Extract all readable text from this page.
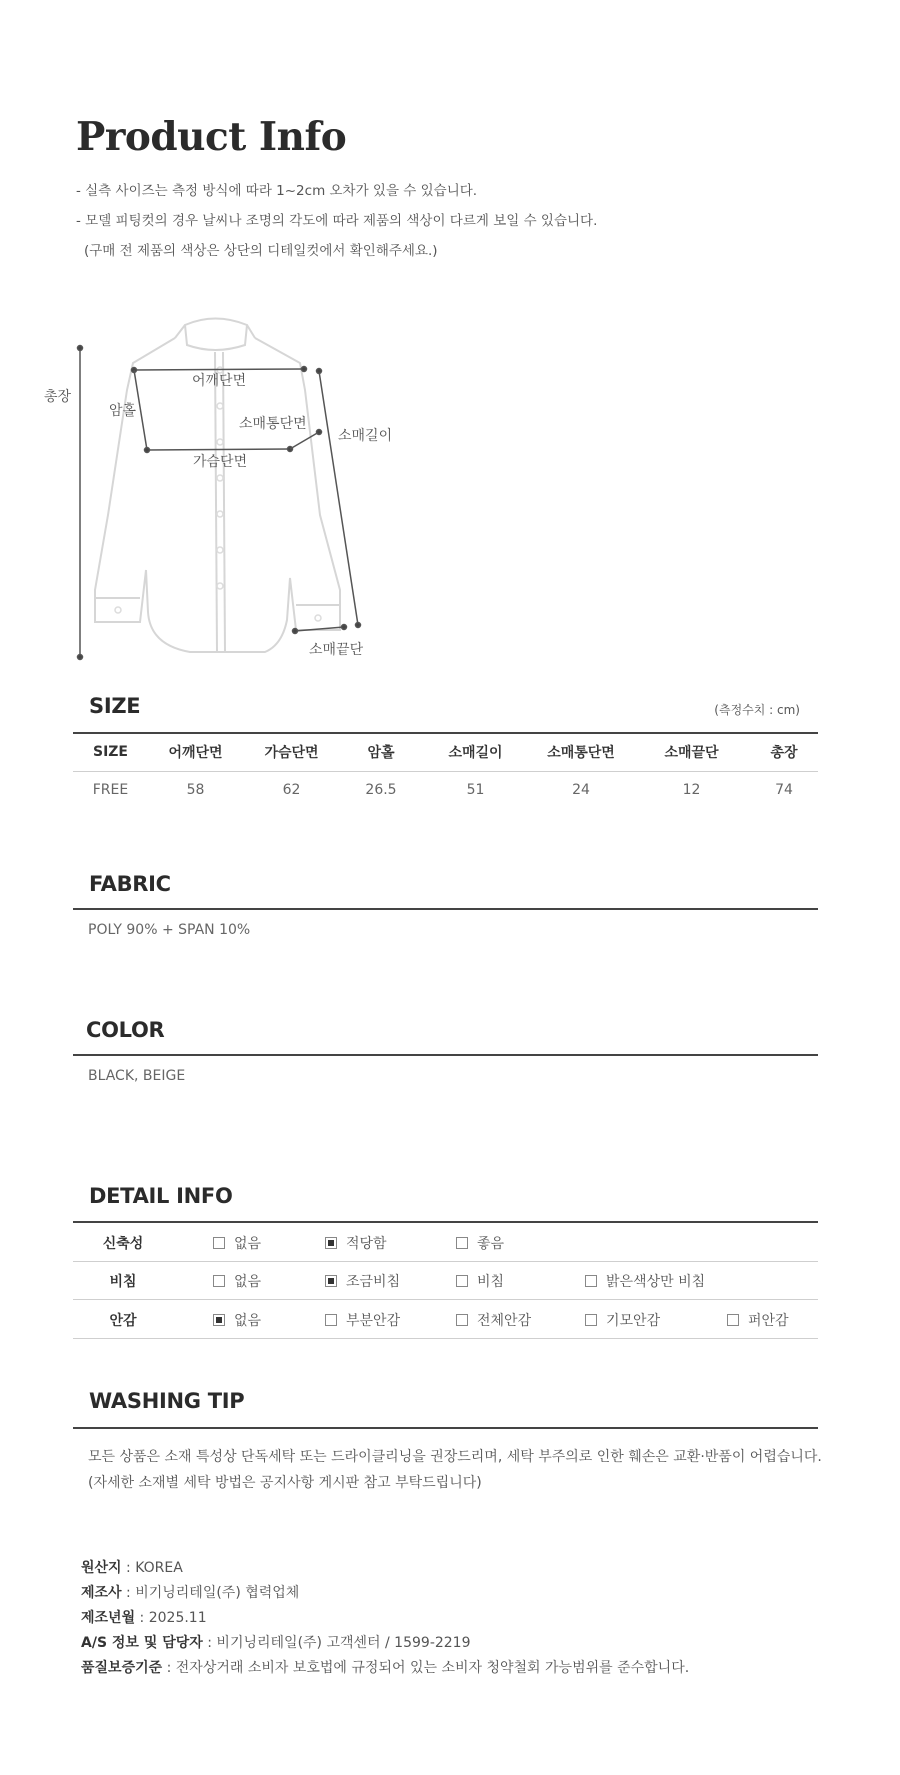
Product Info
- 실측 사이즈는 측정 방식에 따라 1~2cm 오차가 있을 수 있습니다.
- 모델 피팅컷의 경우 날씨나 조명의 각도에 따라 제품의 색상이 다르게 보일 수 있습니다.
(구매 전 제품의 색상은 상단의 디테일컷에서 확인해주세요.)
총장
암홀
어깨단면
소매통단면
소매길이
가슴단면
소매끝단
SIZE	(측정수치 : cm)
SIZE	어깨단면	가슴단면	암홀	소매길이	소매통단면	소매끝단	총장
FREE	58	62	26.5	51	24	12	74
FABRIC
POLY 90% + SPAN 10%
COLOR
BLACK, BEIGE
DETAIL INFO
신축성	없음	적당함	좋음
비침	없음	조금비침	비침	밝은색상만 비침
안감	없음	부분안감	전체안감	기모안감	퍼안감
WASHING TIP
모든 상품은 소재 특성상 단독세탁 또는 드라이클리닝을 권장드리며, 세탁 부주의로 인한 훼손은 교환·반품이 어렵습니다.
(자세한 소재별 세탁 방법은 공지사항 게시판 참고 부탁드립니다)
원산지 : KOREA
제조사 : 비기닝리테일(주) 협력업체
제조년월 : 2025.11
A/S 정보 및 담당자 : 비기닝리테일(주) 고객센터 / 1599-2219
품질보증기준 : 전자상거래 소비자 보호법에 규정되어 있는 소비자 청약철회 가능범위를 준수합니다.
